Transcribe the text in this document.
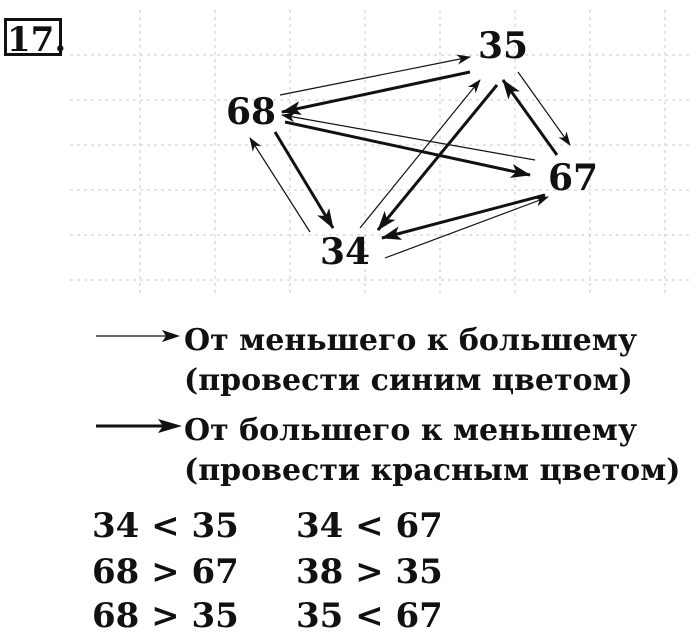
17.	35
68
67
34
От меньшего к большему
(провести синим цветом)
От большего к меньшему
(провести красным цветом)
34 < 35 34 < 67
68 > 67 38 > 35
68 > 35 35 < 67
